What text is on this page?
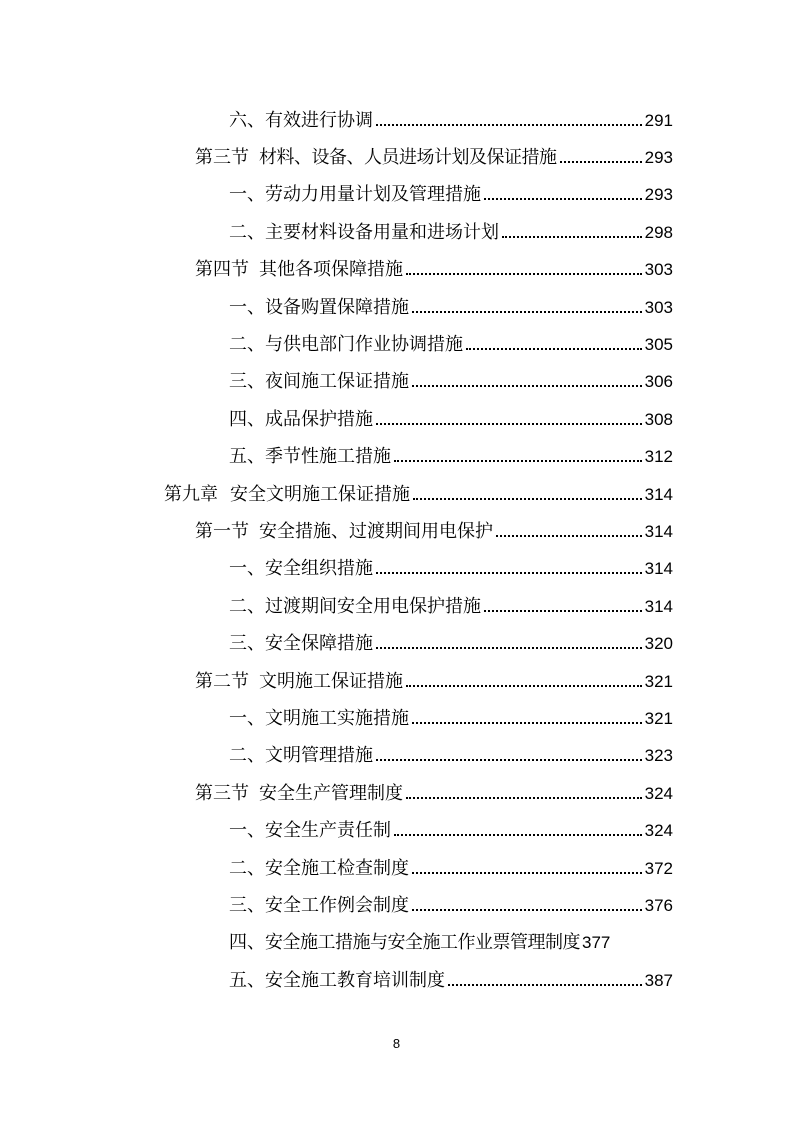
六、 有效进行协调	291
第三节 材料、设备、人员进场计划及保证措施	293
一、 劳动力用量计划及管理措施	293
二、 主要材料设备用量和进场计划	298
第四节 其他各项保障措施	303
一、 设备购置保障措施	303
二、 与供电部门作业协调措施	305
三、 夜间施工保证措施	306
四、 成品保护措施	308
五、 季节性施工措施	312
第九章 安全文明施工保证措施	314
第一节 安全措施、过渡期间用电保护	314
一、 安全组织措施	314
二、 过渡期间安全用电保护措施	314
三、 安全保障措施	320
第二节 文明施工保证措施	321
一、 文明施工实施措施	321
二、 文明管理措施	323
第三节 安全生产管理制度	324
一、 安全生产责任制	324
二、 安全施工检查制度	372
三、 安全工作例会制度	376
四、 安全施工措施与安全施工作业票管理制度 377
五、 安全施工教育培训制度	387
8
